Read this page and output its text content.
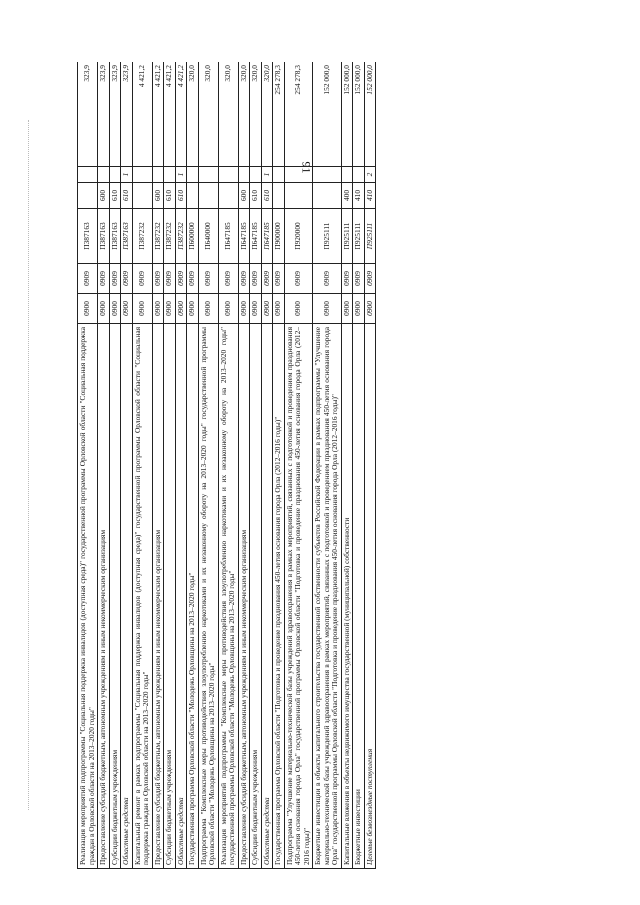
91
Реализация мероприятий подпрограммы "Социальная поддержка инвалидов (доступная среда)" государственной программы Орловской области "Социальная поддержка граждан в Орловской области на 2013–2020 годы"	0900	0909	П387163			323,9
Предоставление субсидий бюджетным, автономным учреждениям и иным некоммерческим организациям	0900	0909	П387163	600		323,9
Субсидии бюджетным учреждениям	0900	0909	П387163	610		323,9
Областные средства	0900	0909	П387163	610	1	323,9
Капитальный ремонт в рамках подпрограммы "Социальная поддержка инвалидов (доступная среда)" государственной программы Орловской области "Социальная поддержка граждан в Орловской области на 2013–2020 годы"	0900	0909	П387232			4 421,2
Предоставление субсидий бюджетным, автономным учреждениям и иным некоммерческим организациям	0900	0909	П387232	600		4 421,2
Субсидии бюджетным учреждениям	0900	0909	П387232	610		4 421,2
Областные средства	0900	0909	П387232	610	1	4 421,2
Государственная программа Орловской области "Молодежь Орловщины на 2013–2020 годы"	0900	0909	П600000			320,0
Подпрограмма "Комплексные меры противодействия злоупотреблению наркотиками и их незаконному обороту на 2013–2020 годы" государственной программы Орловской области "Молодежь Орловщины на 2013–2020 годы"	0900	0909	П640000			320,0
Реализация мероприятий подпрограммы "Комплексные меры противодействия злоупотреблению наркотиками и их незаконному обороту на 2013–2020 годы" государственной программы Орловской области "Молодежь Орловщины на 2013–2020 годы"	0900	0909	П647185			320,0
Предоставление субсидий бюджетным, автономным учреждениям и иным некоммерческим организациям	0900	0909	П647185	600		320,0
Субсидии бюджетным учреждениям	0900	0909	П647185	610		320,0
Областные средства	0900	0909	П647185	610	1	320,0
Государственная программа Орловской области "Подготовка и проведение празднования 450-летия основания города Орла (2012–2016 годы)"	0900	0909	П900000			254 278,3
Подпрограмма "Улучшение материально-технической базы учреждений здравоохранения в рамках мероприятий, связанных с подготовкой и проведением празднования 450-летия основания города Орла" государственной программы Орловской области "Подготовка и проведение празднования 450-летия основания города Орла (2012–2016 годы)"	0900	0909	П920000			254 278,3
Бюджетные инвестиции в объекты капитального строительства государственной собственности субъектов Российской Федерации в рамках подпрограммы "Улучшение материально-технической базы учреждений здравоохранения в рамках мероприятий, связанных с подготовкой и проведением празднования 450-летия основания города Орла" государственной программы Орловской области "Подготовка и проведение празднования 450-летия основания города Орла (2012–2016 годы)"	0900	0909	П925111			152 000,0
Капитальные вложения в объекты недвижимого имущества государственной (муниципальной) собственности	0900	0909	П925111	400		152 000,0
Бюджетные инвестиции	0900	0909	П925111	410		152 000,0
Целевые безвозмездные поступления	0900	0909	П925111	410	2	152 000,0
